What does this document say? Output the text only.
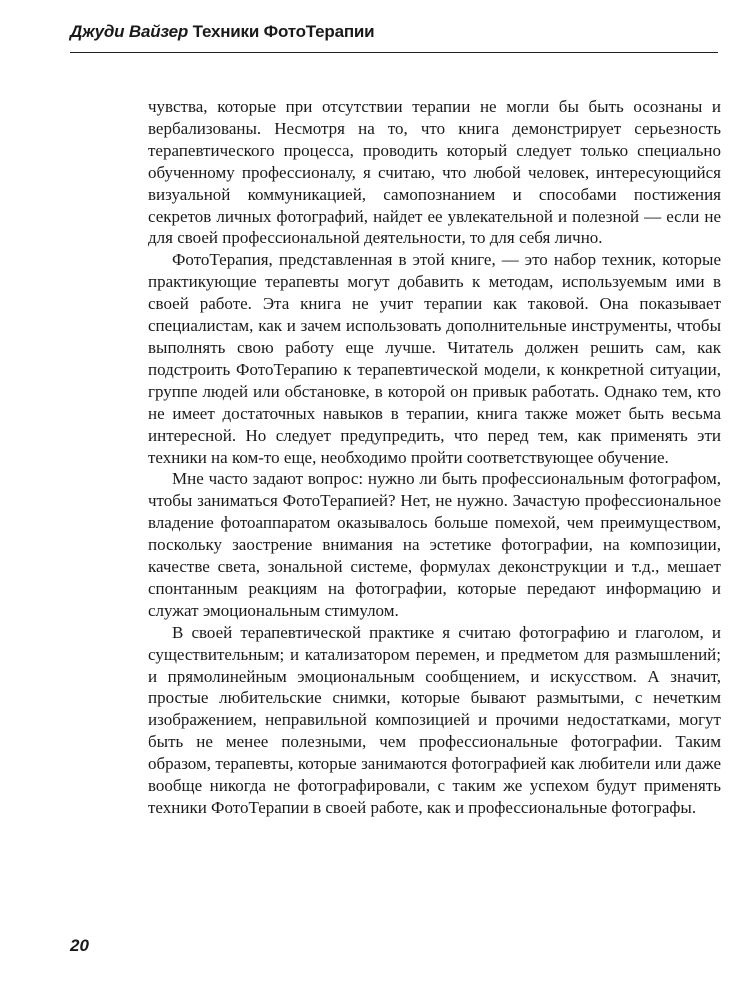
Джуди Вайзер Техники ФотоТерапии

чувства, которые при отсутствии терапии не могли бы быть осознаны и вербализованы. Несмотря на то, что книга демонстрирует серьезность терапевтического процесса, проводить который следует только специально обученному профессионалу, я считаю, что любой человек, интересующийся визуальной коммуникацией, самопознанием и способами постижения секретов личных фотографий, найдет ее увлекательной и полезной — если не для своей профессиональной деятельности, то для себя лично.

ФотоТерапия, представленная в этой книге, — это набор техник, которые практикующие терапевты могут добавить к методам, используемым ими в своей работе. Эта книга не учит терапии как таковой. Она показывает специалистам, как и зачем использовать дополнительные инструменты, чтобы выполнять свою работу еще лучше. Читатель должен решить сам, как подстроить ФотоТерапию к терапевтической модели, к конкретной ситуации, группе людей или обстановке, в которой он привык работать. Однако тем, кто не имеет достаточных навыков в терапии, книга также может быть весьма интересной. Но следует предупредить, что перед тем, как применять эти техники на ком-то еще, необходимо пройти соответствующее обучение.

Мне часто задают вопрос: нужно ли быть профессиональным фотографом, чтобы заниматься ФотоТерапией? Нет, не нужно. Зачастую профессиональное владение фотоаппаратом оказывалось больше помехой, чем преимуществом, поскольку заострение внимания на эстетике фотографии, на композиции, качестве света, зональной системе, формулах деконструкции и т.д., мешает спонтанным реакциям на фотографии, которые передают информацию и служат эмоциональным стимулом.

В своей терапевтической практике я считаю фотографию и глаголом, и существительным; и катализатором перемен, и предметом для размышлений; и прямолинейным эмоциональным сообщением, и искусством. А значит, простые любительские снимки, которые бывают размытыми, с нечетким изображением, неправильной композицией и прочими недостатками, могут быть не менее полезными, чем профессиональные фотографии. Таким образом, терапевты, которые занимаются фотографией как любители или даже вообще никогда не фотографировали, с таким же успехом будут применять техники ФотоТерапии в своей работе, как и профессиональные фотографы.

20
